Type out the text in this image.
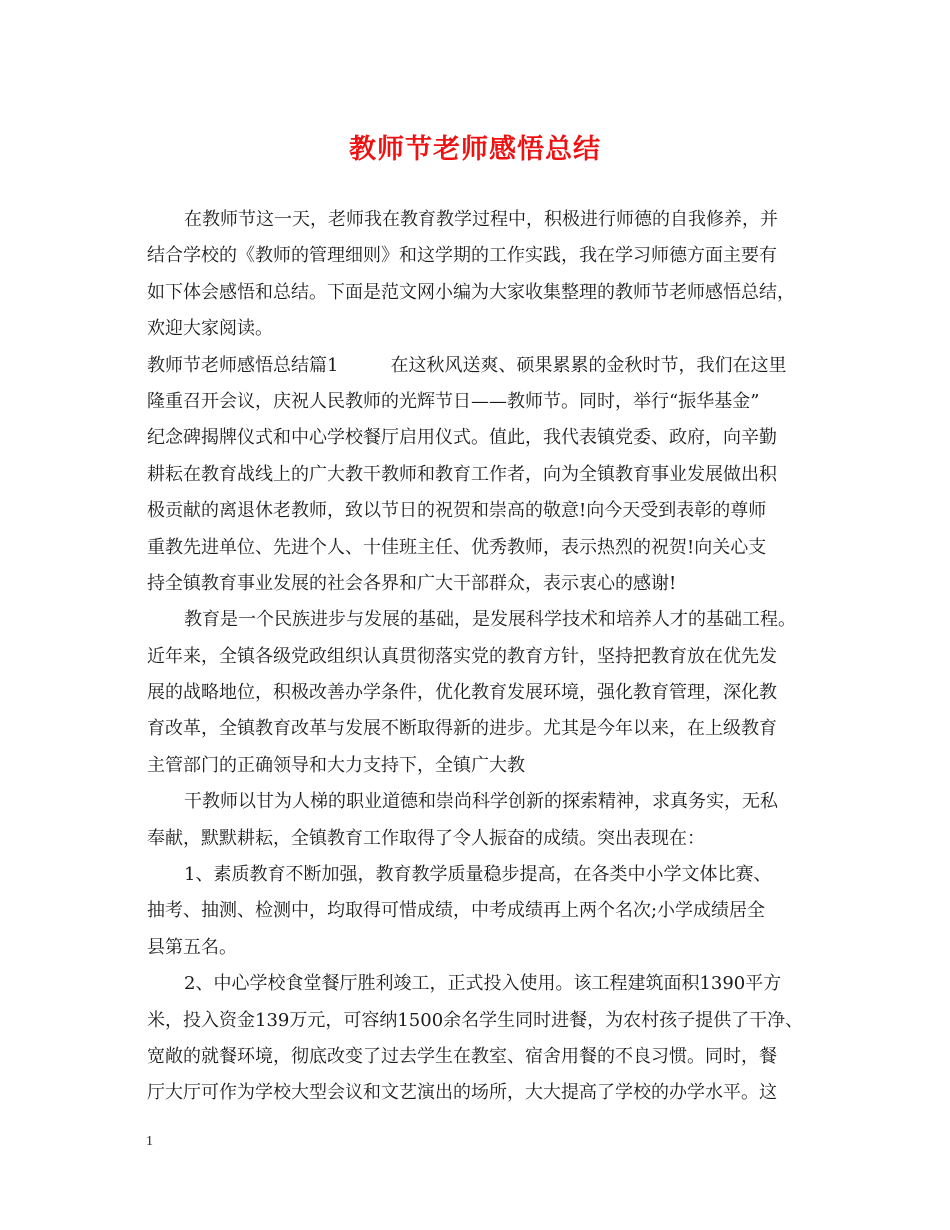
教师节老师感悟总结
在教师节这一天，老师我在教育教学过程中，积极进行师德的自我修养，并
结合学校的《教师的管理细则》和这学期的工作实践，我在学习师德方面主要有
如下体会感悟和总结。下面是范文网小编为大家收集整理的教师节老师感悟总结，
欢迎大家阅读。
教师节老师感悟总结篇1	在这秋风送爽、硕果累累的金秋时节，我们在这里
隆重召开会议，庆祝人民教师的光辉节日——教师节。同时，举行“振华基金”
纪念碑揭牌仪式和中心学校餐厅启用仪式。值此，我代表镇党委、政府，向辛勤
耕耘在教育战线上的广大教干教师和教育工作者，向为全镇教育事业发展做出积
极贡献的离退休老教师，致以节日的祝贺和崇高的敬意!向今天受到表彰的尊师
重教先进单位、先进个人、十佳班主任、优秀教师，表示热烈的祝贺!向关心支
持全镇教育事业发展的社会各界和广大干部群众，表示衷心的感谢!
教育是一个民族进步与发展的基础，是发展科学技术和培养人才的基础工程。
近年来，全镇各级党政组织认真贯彻落实党的教育方针，坚持把教育放在优先发
展的战略地位，积极改善办学条件，优化教育发展环境，强化教育管理，深化教
育改革，全镇教育改革与发展不断取得新的进步。尤其是今年以来，在上级教育
主管部门的正确领导和大力支持下，全镇广大教
干教师以甘为人梯的职业道德和崇尚科学创新的探索精神，求真务实，无私
奉献，默默耕耘，全镇教育工作取得了令人振奋的成绩。突出表现在：
1、素质教育不断加强，教育教学质量稳步提高，在各类中小学文体比赛、
抽考、抽测、检测中，均取得可惜成绩，中考成绩再上两个名次;小学成绩居全
县第五名。
2、中心学校食堂餐厅胜利竣工，正式投入使用。该工程建筑面积1390平方
米，投入资金139万元，可容纳1500余名学生同时进餐，为农村孩子提供了干净、
宽敞的就餐环境，彻底改变了过去学生在教室、宿舍用餐的不良习惯。同时，餐
厅大厅可作为学校大型会议和文艺演出的场所，大大提高了学校的办学水平。这
1
